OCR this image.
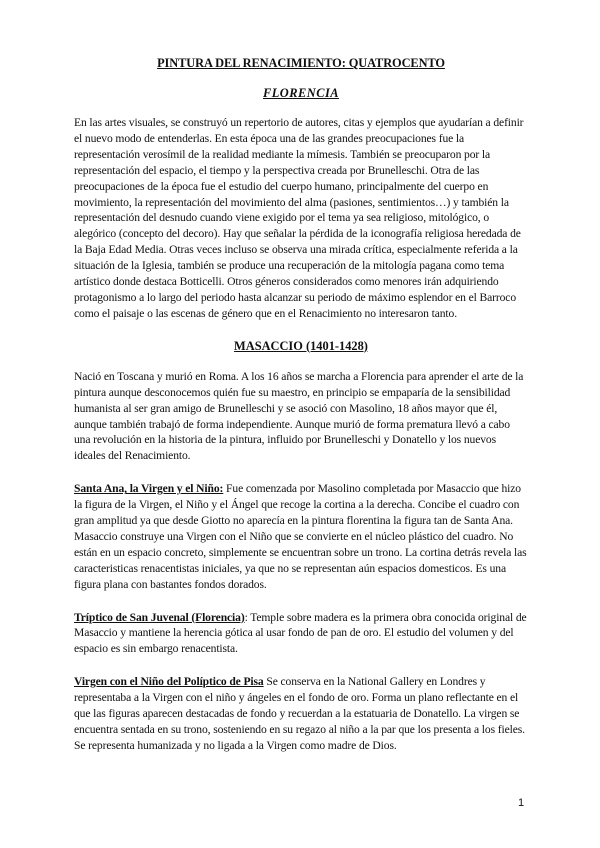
PINTURA DEL RENACIMIENTO: QUATROCENTO
FLORENCIA

En las artes visuales, se construyó un repertorio de autores, citas y ejemplos que ayudarían a definir el nuevo modo de entenderlas. En esta época una de las grandes preocupaciones fue la representación verosímil de la realidad mediante la mímesis. También se preocuparon por la representación del espacio, el tiempo y la perspectiva creada por Brunelleschi. Otra de las preocupaciones de la época fue el estudio del cuerpo humano, principalmente del cuerpo en movimiento, la representación del movimiento del alma (pasiones, sentimientos…) y también la representación del desnudo cuando viene exigido por el tema ya sea religioso, mitológico, o alegórico (concepto del decoro). Hay que señalar la pérdida de la iconografía religiosa heredada de la Baja Edad Media. Otras veces incluso se observa una mirada crítica, especialmente referida a la situación de la Iglesia, también se produce una recuperación de la mitología pagana como tema artístico donde destaca Botticelli. Otros géneros considerados como menores irán adquiriendo protagonismo a lo largo del periodo hasta alcanzar su periodo de máximo esplendor en el Barroco como el paisaje o las escenas de género que en el Renacimiento no interesaron tanto.

MASACCIO (1401-1428)

Nació en Toscana y murió en Roma. A los 16 años se marcha a Florencia para aprender el arte de la pintura aunque desconocemos quién fue su maestro, en principio se empaparía de la sensibilidad humanista al ser gran amigo de Brunelleschi y se asoció con Masolino, 18 años mayor que él, aunque también trabajó de forma independiente. Aunque murió de forma prematura llevó a cabo una revolución en la historia de la pintura, influido por Brunelleschi y Donatello y los nuevos ideales del Renacimiento.

Santa Ana, la Virgen y el Niño: Fue comenzada por Masolino completada por Masaccio que hizo la figura de la Virgen, el Niño y el Ángel que recoge la cortina a la derecha. Concibe el cuadro con gran amplitud ya que desde Giotto no aparecía en la pintura florentina la figura tan de Santa Ana. Masaccio construye una Virgen con el Niño que se convierte en el núcleo plástico del cuadro. No están en un espacio concreto, simplemente se encuentran sobre un trono. La cortina detrás revela las caracteristicas renacentistas iniciales, ya que no se representan aún espacios domesticos. Es una figura plana con bastantes fondos dorados.

Tríptico de San Juvenal (Florencia): Temple sobre madera es la primera obra conocida original de Masaccio y mantiene la herencia gótica al usar fondo de pan de oro. El estudio del volumen y del espacio es sin embargo renacentista.

Virgen con el Niño del Políptico de Pisa Se conserva en la National Gallery en Londres y representaba a la Virgen con el niño y ángeles en el fondo de oro. Forma un plano reflectante en el que las figuras aparecen destacadas de fondo y recuerdan a la estatuaria de Donatello. La virgen se encuentra sentada en su trono, sosteniendo en su regazo al niño a la par que los presenta a los fieles. Se representa humanizada y no ligada a la Virgen como madre de Dios.

1
